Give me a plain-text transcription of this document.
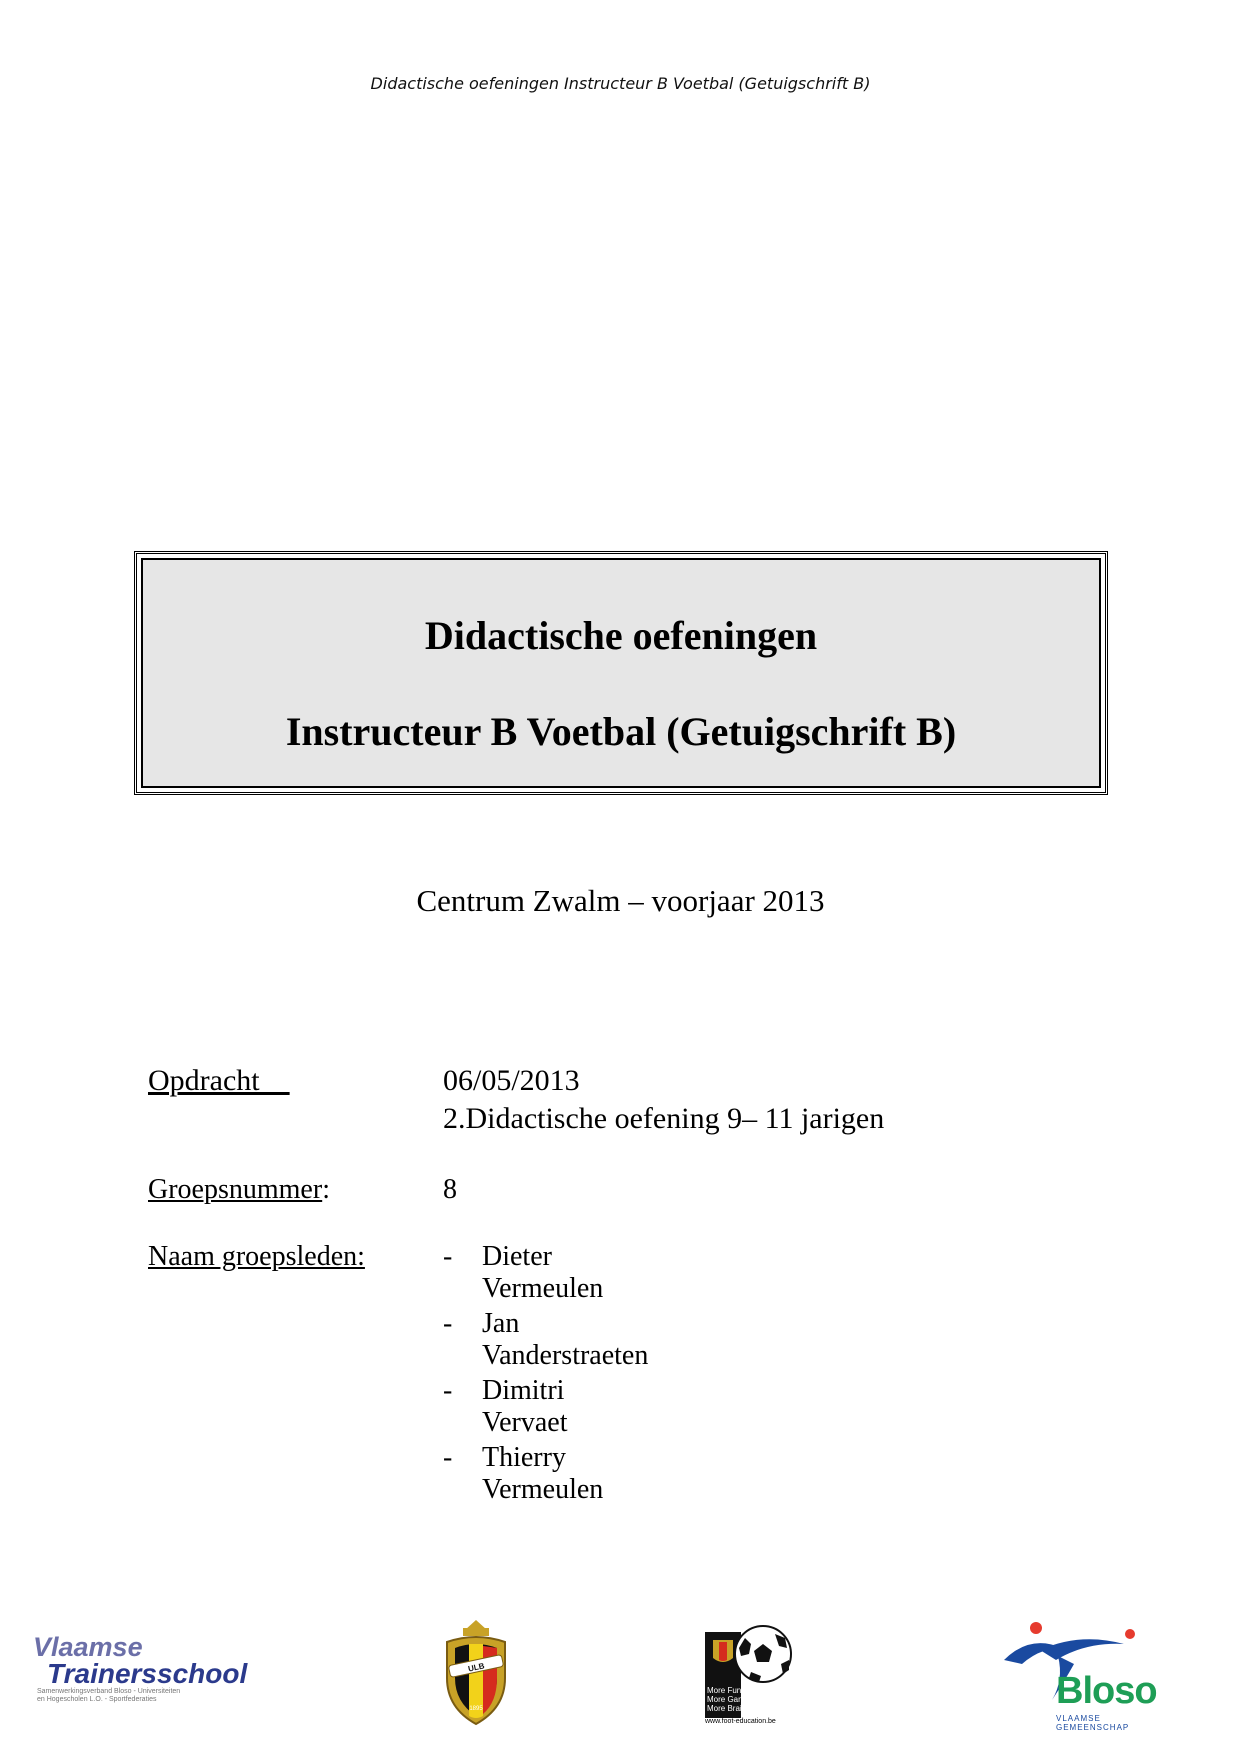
Didactische oefeningen Instructeur B Voetbal (Getuigschrift B)
Didactische oefeningen
Instructeur B Voetbal (Getuigschrift B)
Centrum Zwalm – voorjaar 2013
Opdracht	06/05/2013
2.Didactische oefening 9– 11 jarigen
Groepsnummer:	8
Naam groepsleden:	- Dieter Vermeulen
- Jan Vanderstraeten
- Dimitri Vervaet
- Thierry Vermeulen
Vlaamse
Trainersschool
Samenwerkingsverband Bloso - Universiteiten
en Hogescholen L.O. - Sportfederaties
ULB
1895
More Fun
More Games
More Brains
www.foot-education.be
Bloso
VLAAMSE GEMEENSCHAP
